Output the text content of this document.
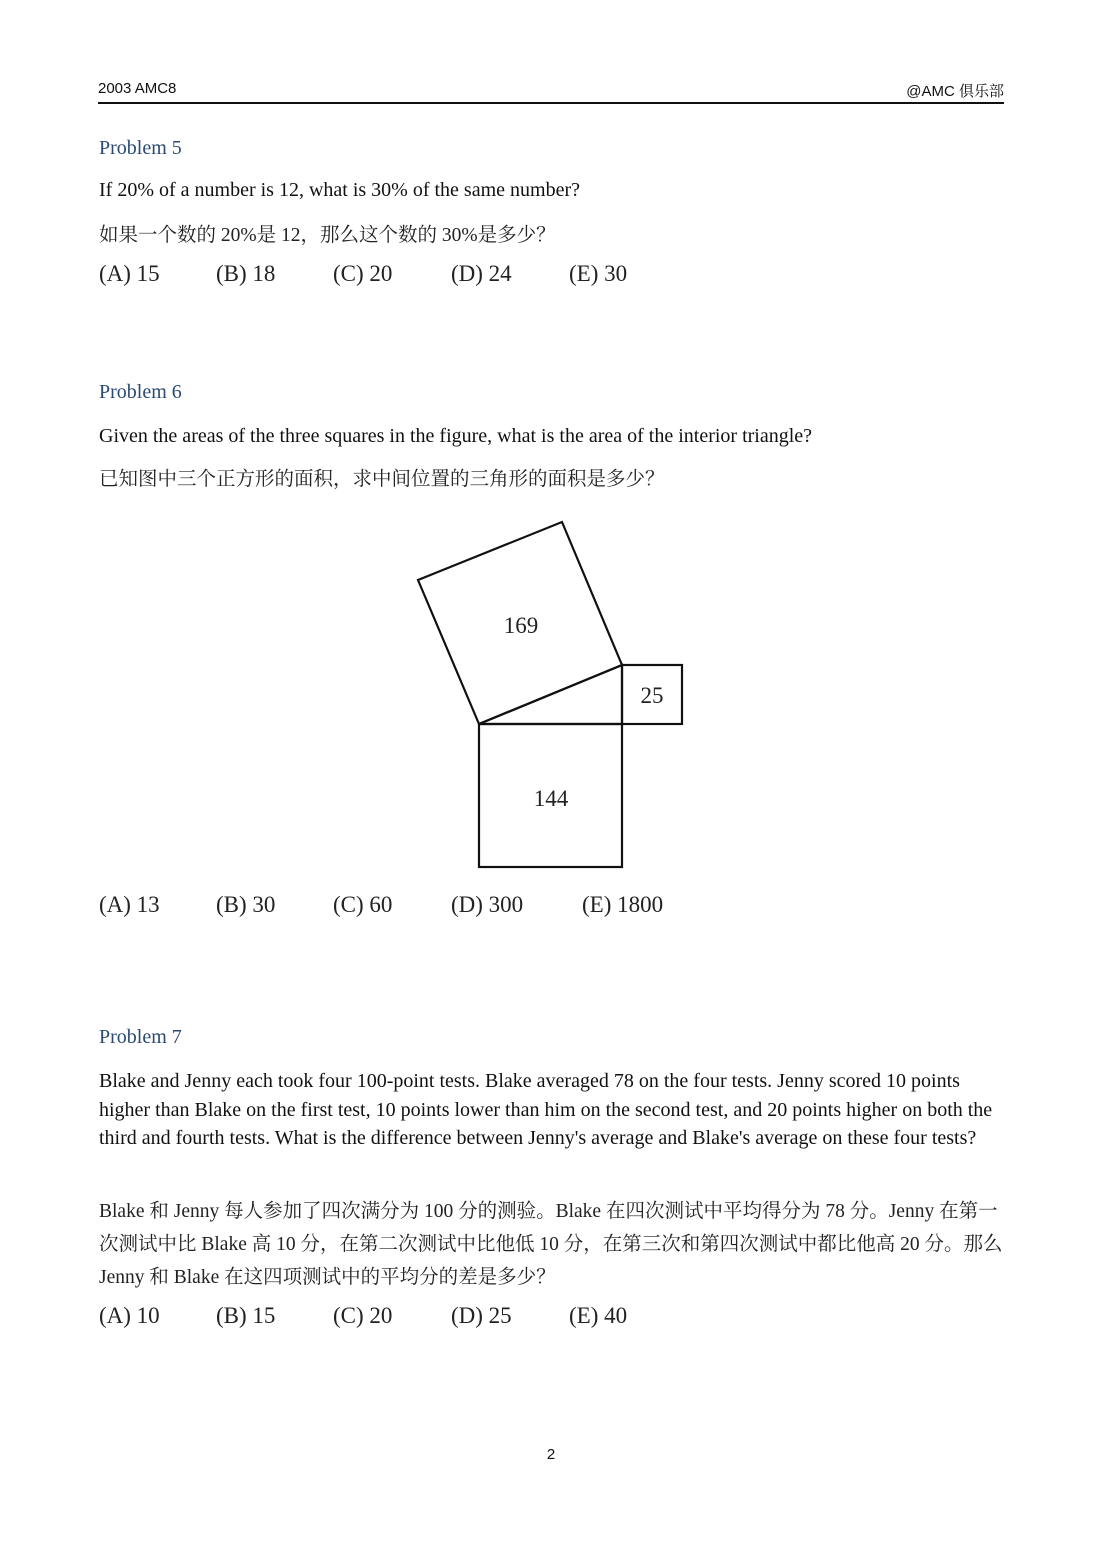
2003 AMC8	@AMC 俱乐部
Problem 5
If 20% of a number is 12, what is 30% of the same number?
如果一个数的 20%是 12，那么这个数的 30%是多少？
(A) 15 (B) 18	(C) 20	(D) 24 (E) 30
Problem 6
Given the areas of the three squares in the figure, what is the area of the interior triangle?
已知图中三个正方形的面积，求中间位置的三角形的面积是多少？
169
25
144
(A) 13 (B) 30	(C) 60	(D) 300	(E) 1800
Problem 7
Blake and Jenny each took four 100-point tests. Blake averaged 78 on the four tests. Jenny scored 10 points higher than Blake on the first test, 10 points lower than him on the second test, and 20 points higher on both the third and fourth tests. What is the difference between Jenny's average and Blake's average on these four tests?
Blake 和 Jenny 每人参加了四次满分为 100 分的测验。Blake 在四次测试中平均得分为 78 分。Jenny 在第一次测试中比 Blake 高 10 分，在第二次测试中比他低 10 分，在第三次和第四次测试中都比他高 20 分。那么 Jenny 和 Blake 在这四项测试中的平均分的差是多少？
(A) 10 (B) 15	(C) 20	(D) 25 (E) 40
2
